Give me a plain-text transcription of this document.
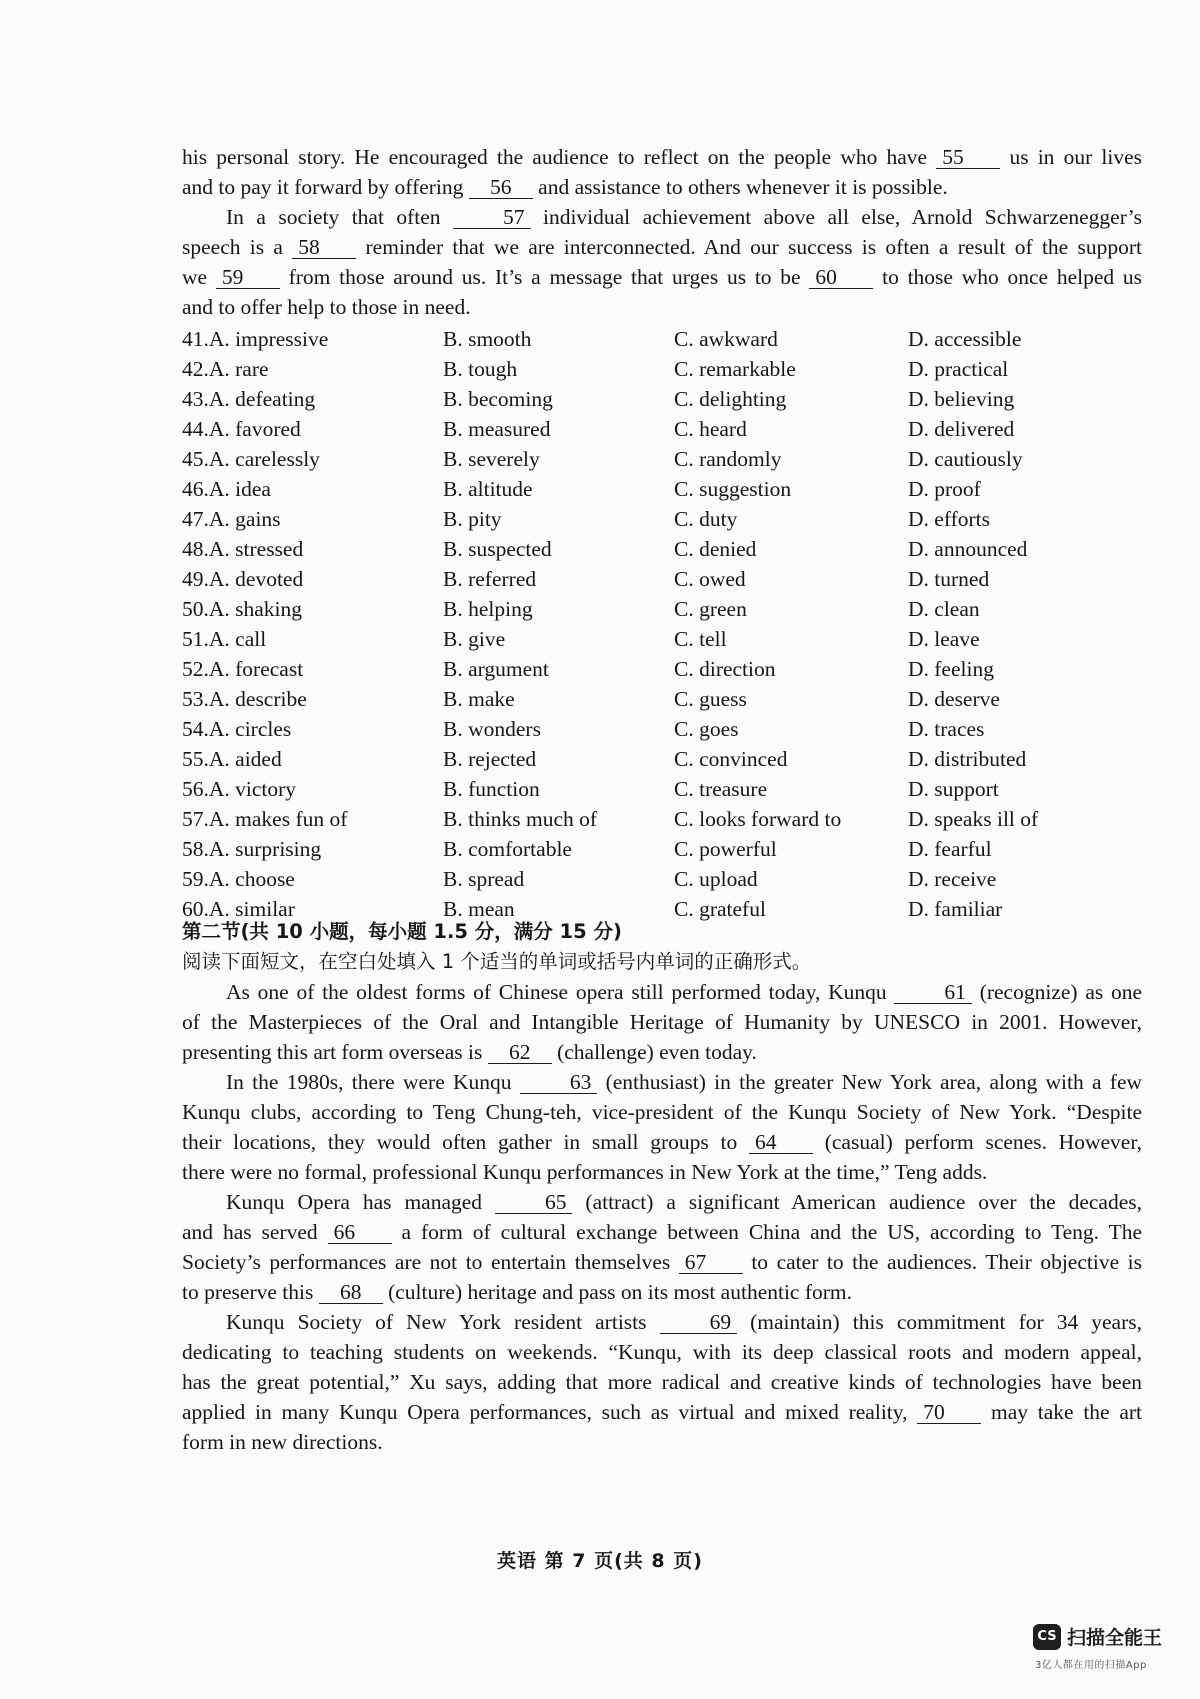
his personal story. He encouraged the audience to reflect on the people who have 55 us in our lives
and to pay it forward by offering 56 and assistance to others whenever it is possible.
In a society that often	57 individual achievement above all else, Arnold Schwarzenegger’s
speech is a 58 reminder that we are interconnected. And our success is often a result of the support
we 59 from those around us. It’s a message that urges us to be 60 to those who once helped us
and to offer help to those in need.
41.A. impressive	B. smooth	C. awkward	D. accessible
42.A. rare	B. tough	C. remarkable	D. practical
43.A. defeating	B. becoming	C. delighting	D. believing
44.A. favored	B. measured	C. heard	D. delivered
45.A. carelessly	B. severely	C. randomly	D. cautiously
46.A. idea	B. altitude	C. suggestion	D. proof
47.A. gains	B. pity	C. duty	D. efforts
48.A. stressed	B. suspected	C. denied	D. announced
49.A. devoted	B. referred	C. owed	D. turned
50.A. shaking	B. helping	C. green	D. clean
51.A. call	B. give	C. tell	D. leave
52.A. forecast	B. argument	C. direction	D. feeling
53.A. describe	B. make	C. guess	D. deserve
54.A. circles	B. wonders	C. goes	D. traces
55.A. aided	B. rejected	C. convinced	D. distributed
56.A. victory	B. function	C. treasure	D. support
57.A. makes fun of	B. thinks much of	C. looks forward to	D. speaks ill of
58.A. surprising	B. comfortable	C. powerful	D. fearful
59.A. choose	B. spread	C. upload	D. receive
60.A. similar	B. mean	C. grateful	D. familiar
第二节(共 10 小题，每小题 1.5 分，满分 15 分)
阅读下面短文，在空白处填入 1 个适当的单词或括号内单词的正确形式。
As one of the oldest forms of Chinese opera still performed today, Kunqu	61 (recognize) as one
of the Masterpieces of the Oral and Intangible Heritage of Humanity by UNESCO in 2001. However,
presenting this art form overseas is 62 (challenge) even today.
In the 1980s, there were Kunqu	63 (enthusiast) in the greater New York area, along with a few
Kunqu clubs, according to Teng Chung-teh, vice-president of the Kunqu Society of New York. “Despite
their locations, they would often gather in small groups to 64 (casual) perform scenes. However,
there were no formal, professional Kunqu performances in New York at the time,” Teng adds.
Kunqu Opera has managed	65 (attract) a significant American audience over the decades,
and has served 66 a form of cultural exchange between China and the US, according to Teng. The
Society’s performances are not to entertain themselves 67 to cater to the audiences. Their objective is
to preserve this 68 (culture) heritage and pass on its most authentic form.
Kunqu Society of New York resident artists	69 (maintain) this commitment for 34 years,
dedicating to teaching students on weekends. “Kunqu, with its deep classical roots and modern appeal,
has the great potential,” Xu says, adding that more radical and creative kinds of technologies have been
applied in many Kunqu Opera performances, such as virtual and mixed reality, 70 may take the art
form in new directions.
英语 第 7 页(共 8 页)
CS 扫描全能王
3亿人都在用的扫描App
